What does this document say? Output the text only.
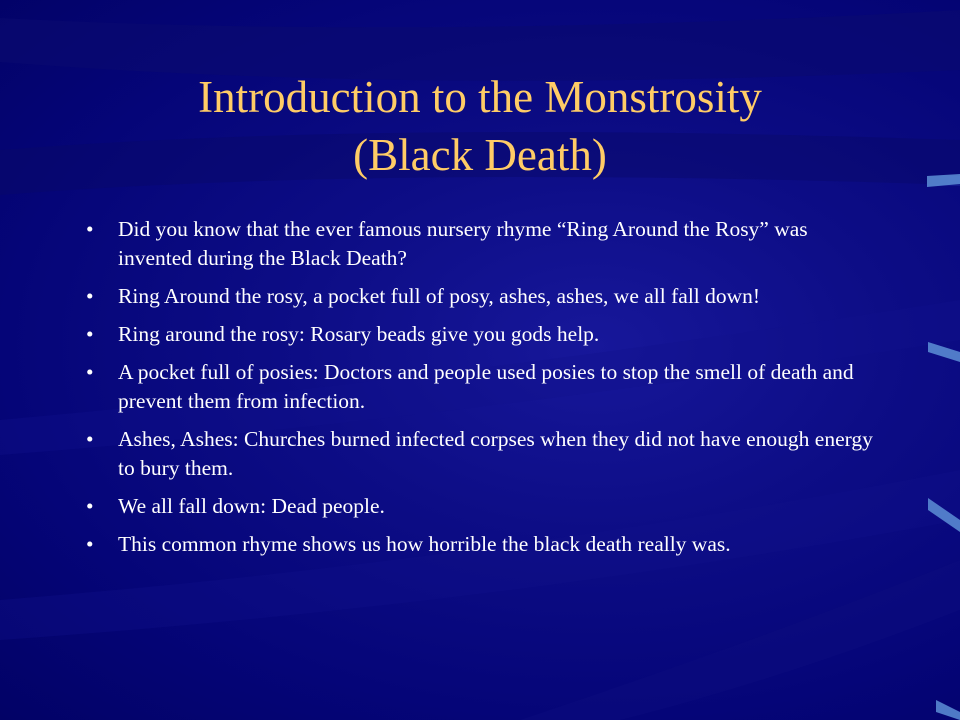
Introduction to the Monstrosity
(Black Death)
• Did you know that the ever famous nursery rhyme “Ring Around the Rosy” was invented during the Black Death?
• Ring Around the rosy, a pocket full of posy, ashes, ashes, we all fall down!
• Ring around the rosy: Rosary beads give you gods help.
• A pocket full of posies: Doctors and people used posies to stop the smell of death and prevent them from infection.
• Ashes, Ashes: Churches burned infected corpses when they did not have enough energy to bury them.
• We all fall down: Dead people.
• This common rhyme shows us how horrible the black death really was.
